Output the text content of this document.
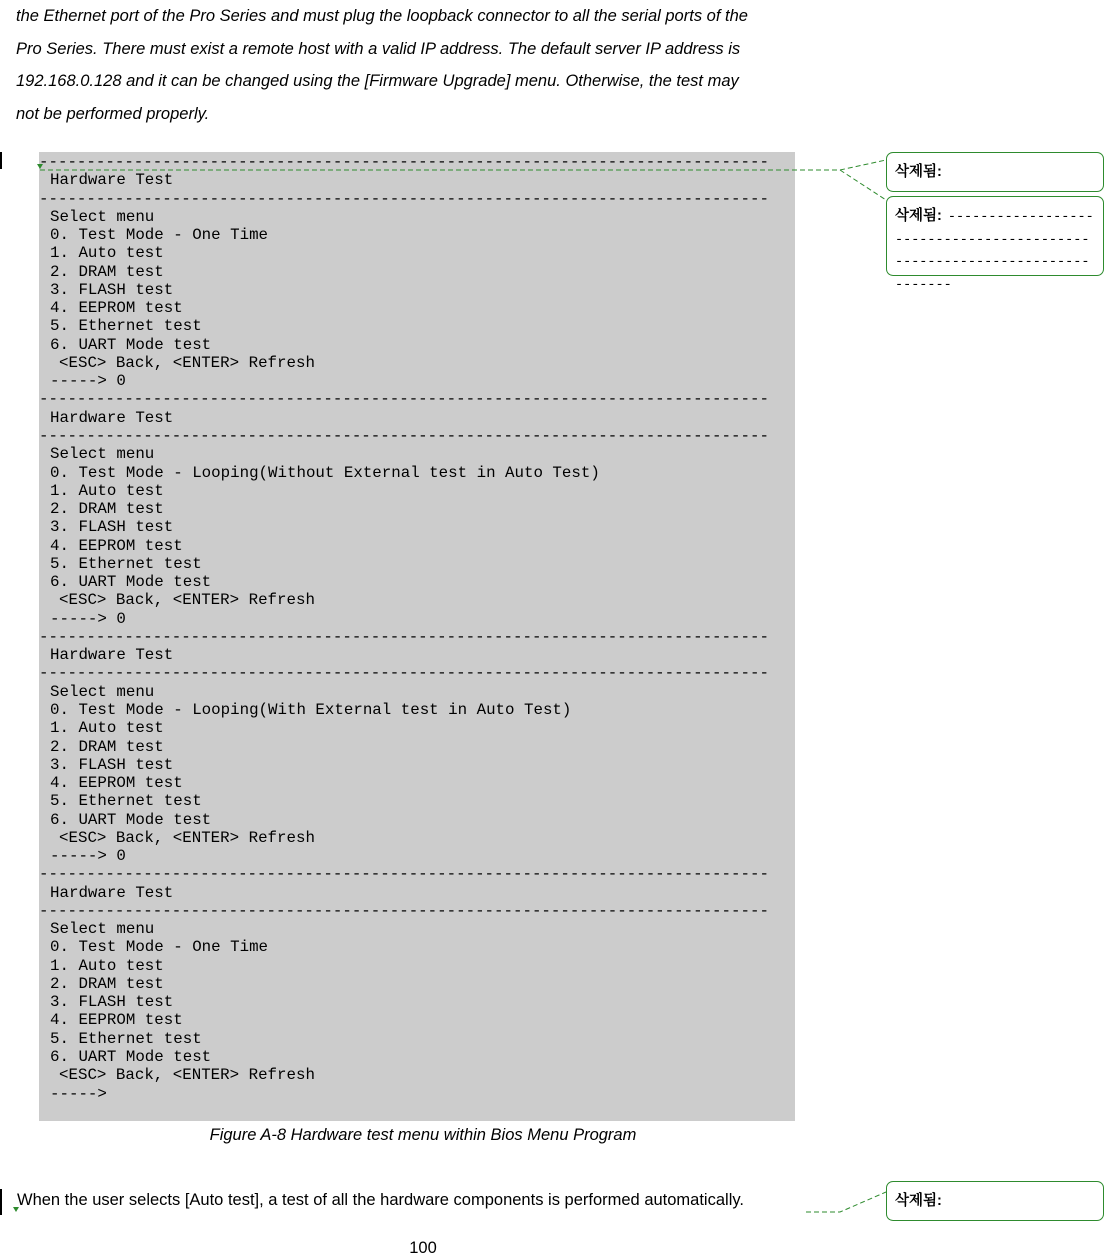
the Ethernet port of the Pro Series and must plug the loopback connector to all the serial ports of the
Pro Series. There must exist a remote host with a valid IP address. The default server IP address is
192.168.0.128 and it can be changed using the [Firmware Upgrade] menu. Otherwise, the test may
not be performed properly.

-----------------------------------------------------------------------------
Hardware Test
-----------------------------------------------------------------------------
Select menu
0. Test Mode - One Time
1. Auto test
2. DRAM test
3. FLASH test
4. EEPROM test
5. Ethernet test
6. UART Mode test
<ESC> Back, <ENTER> Refresh
-----> 0
-----------------------------------------------------------------------------
Hardware Test
-----------------------------------------------------------------------------
Select menu
0. Test Mode - Looping(Without External test in Auto Test)
1. Auto test
2. DRAM test
3. FLASH test
4. EEPROM test
5. Ethernet test
6. UART Mode test
<ESC> Back, <ENTER> Refresh
-----> 0
-----------------------------------------------------------------------------
Hardware Test
-----------------------------------------------------------------------------
Select menu
0. Test Mode - Looping(With External test in Auto Test)
1. Auto test
2. DRAM test
3. FLASH test
4. EEPROM test
5. Ethernet test
6. UART Mode test
<ESC> Back, <ENTER> Refresh
-----> 0
-----------------------------------------------------------------------------
Hardware Test
-----------------------------------------------------------------------------
Select menu
0. Test Mode - One Time
1. Auto test
2. DRAM test
3. FLASH test
4. EEPROM test
5. Ethernet test
6. UART Mode test
<ESC> Back, <ENTER> Refresh
----->

Figure A-8 Hardware test menu within Bios Menu Program

When the user selects [Auto test], a test of all the hardware components is performed automatically.

100
삭제됨:
삭제됨: -------------------------------------------------------------------------
삭제됨:
